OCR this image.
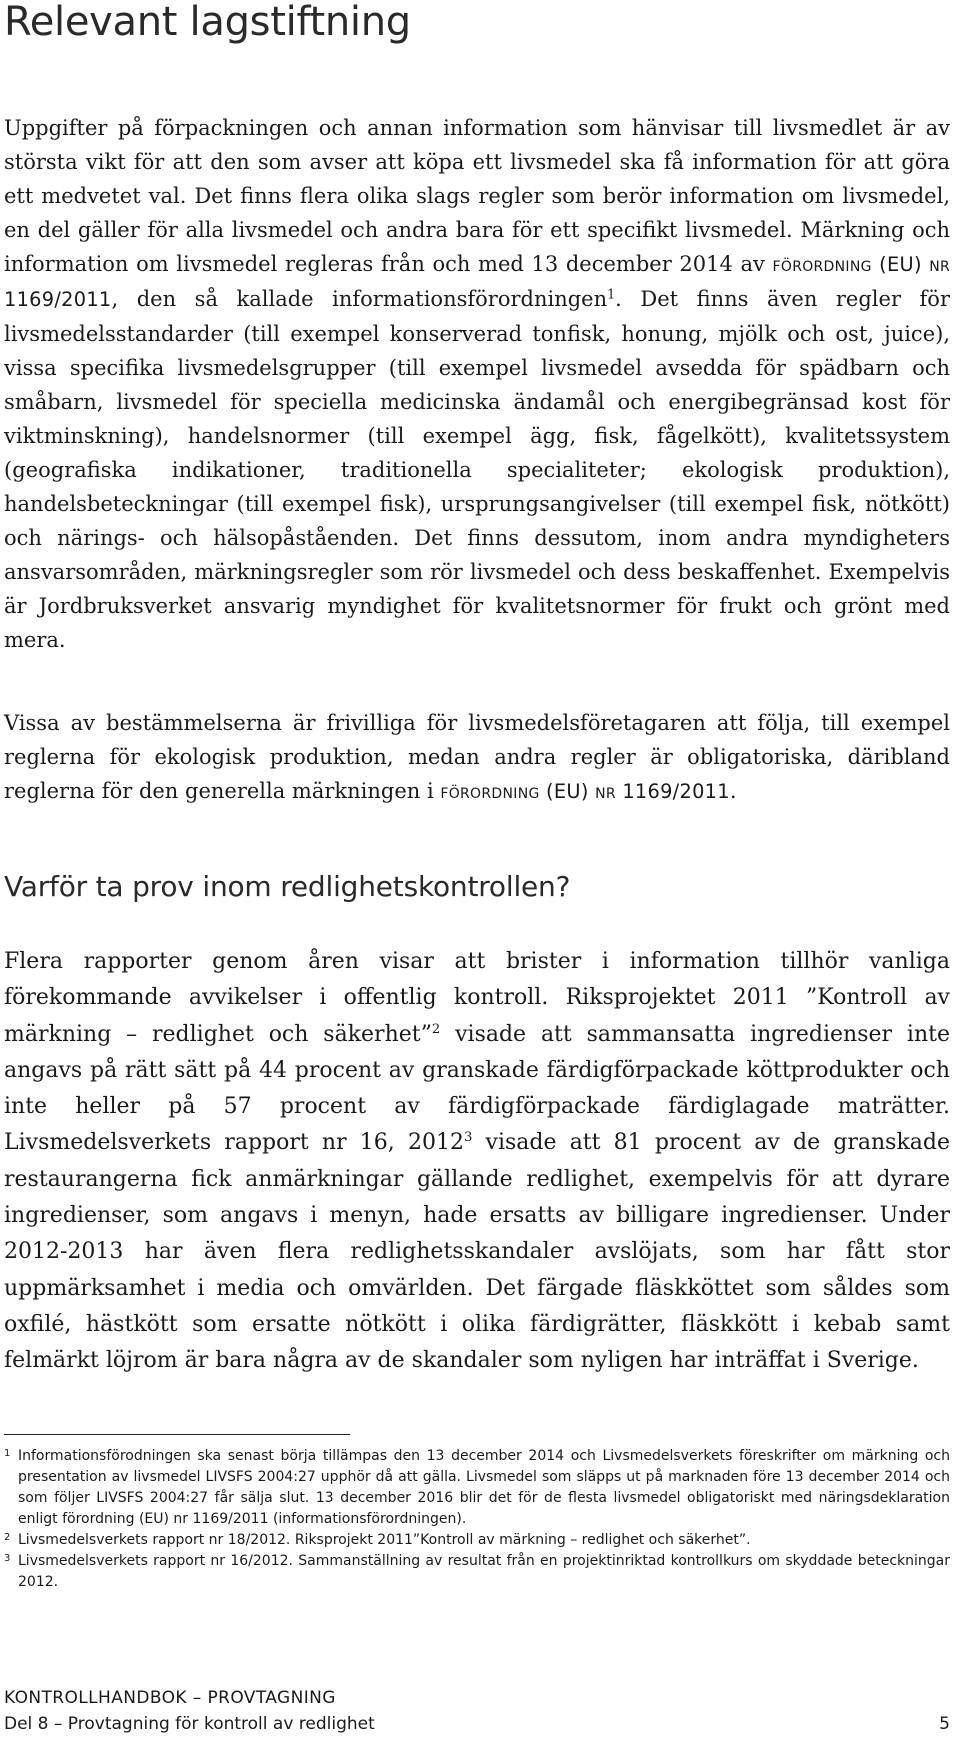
Relevant lagstiftning

Uppgifter på förpackningen och annan information som hänvisar till livsmedlet är av största vikt för att den som avser att köpa ett livsmedel ska få information för att göra ett medvetet val. Det finns flera olika slags regler som berör information om livsmedel, en del gäller för alla livsmedel och andra bara för ett specifikt livsmedel. Märkning och information om livsmedel regleras från och med 13 december 2014 av förordning (EU) nr 1169/2011, den så kallade informationsförordningen$^1$. Det finns även regler för livsmedelsstandarder (till exempel konserverad tonfisk, honung, mjölk och ost, juice), vissa specifika livsmedelsgrupper (till exempel livsmedel avsedda för spädbarn och småbarn, livsmedel för speciella medicinska ändamål och energibegränsad kost för viktminskning), handelsnormer (till exempel ägg, fisk, fågelkött), kvalitetssystem (geografiska indikationer, traditionella specialiteter; ekologisk produktion), handelsbeteckningar (till exempel fisk), ursprungsangivelser (till exempel fisk, nötkött) och närings- och hälsopåståenden. Det finns dessutom, inom andra myndigheters ansvarsområden, märkningsregler som rör livsmedel och dess beskaffenhet. Exempelvis är Jordbruksverket ansvarig myndighet för kvalitetsnormer för frukt och grönt med mera.

Vissa av bestämmelserna är frivilliga för livsmedelsföretagaren att följa, till exempel reglerna för ekologisk produktion, medan andra regler är obligatoriska, däribland reglerna för den generella märkningen i förordning (EU) nr 1169/2011.

Varför ta prov inom redlighetskontrollen?

Flera rapporter genom åren visar att brister i information tillhör vanliga förekommande avvikelser i offentlig kontroll. Riksprojektet 2011 ”Kontroll av märkning – redlighet och säkerhet”$^2$ visade att sammansatta ingredienser inte angavs på rätt sätt på 44 procent av granskade färdigförpackade köttprodukter och inte heller på 57 procent av färdigförpackade färdiglagade maträtter. Livsmedelsverkets rapport nr 16, 2012$^3$ visade att 81 procent av de granskade restaurangerna fick anmärkningar gällande redlighet, exempelvis för att dyrare ingredienser, som angavs i menyn, hade ersatts av billigare ingredienser. Under 2012-2013 har även flera redlighetsskandaler avslöjats, som har fått stor uppmärksamhet i media och omvärlden. Det färgade fläskköttet som såldes som oxfilé, hästkött som ersatte nötkött i olika färdigrätter, fläskkött i kebab samt felmärkt löjrom är bara några av de skandaler som nyligen har inträffat i Sverige.

1 Informationsförodningen ska senast börja tillämpas den 13 december 2014 och Livsmedelsverkets föreskrifter om märkning och presentation av livsmedel LIVSFS 2004:27 upphör då att gälla. Livsmedel som släpps ut på marknaden före 13 december 2014 och som följer LIVSFS 2004:27 får sälja slut. 13 december 2016 blir det för de flesta livsmedel obligatoriskt med näringsdeklaration enligt förordning (EU) nr 1169/2011 (informationsförordningen).

2 Livsmedelsverkets rapport nr 18/2012. Riksprojekt 2011”Kontroll av märkning – redlighet och säkerhet”.

3 Livsmedelsverkets rapport nr 16/2012. Sammanställning av resultat från en projektinriktad kontrollkurs om skyddade beteckningar 2012.

KONTROLLHANDBOK – PROVTAGNING
Del 8 – Provtagning för kontroll av redlighet	5
